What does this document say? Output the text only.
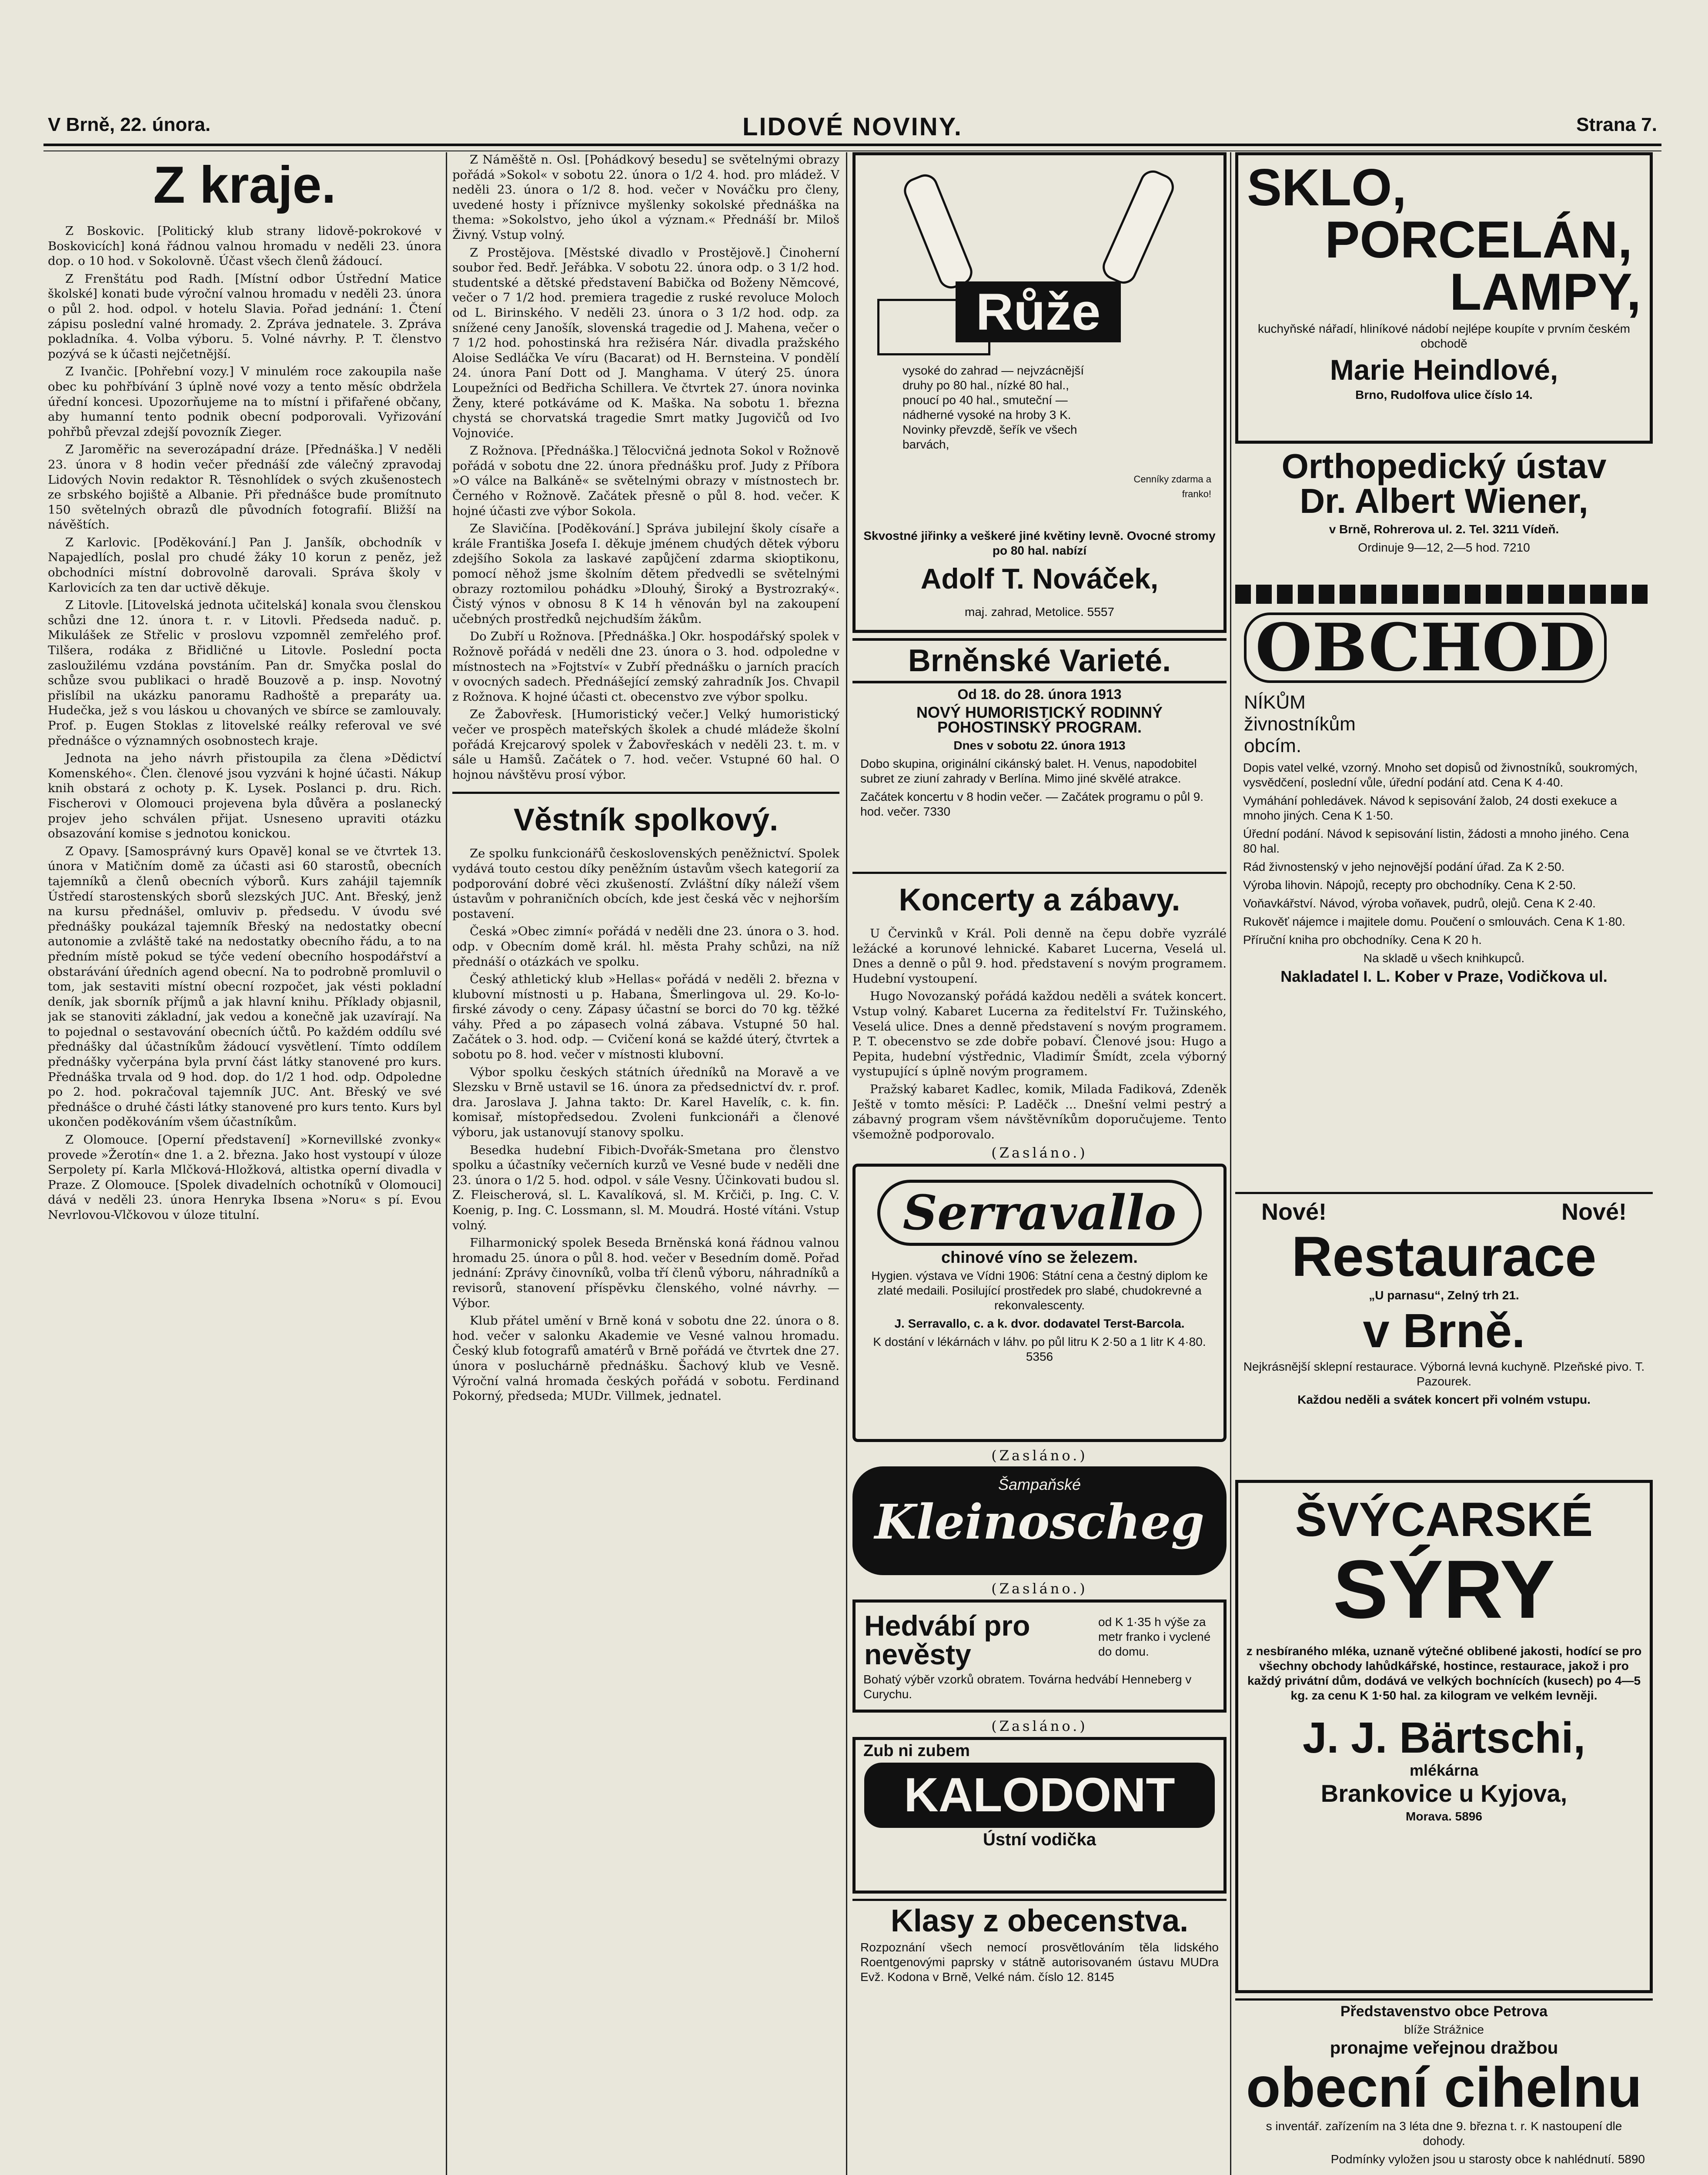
V Brně, 22. února.	LIDOVÉ NOVINY.	Strana 7.
Z kraje.

Z Boskovic. [Politický klub strany lidově-pokrokové v Boskovicích] koná řádnou valnou hromadu v neděli 23. února dop. o 10 hod. v Sokolovně. Účast všech členů žádoucí.

Z Frenštátu pod Radh. [Místní odbor Ústřední Matice školské] konati bude výroční valnou hromadu v neděli 23. února o půl 2. hod. odpol. v hotelu Slavia. Pořad jednání: 1. Čtení zápisu poslední valné hromady. 2. Zpráva jednatele. 3. Zpráva pokladníka. 4. Volba výboru. 5. Volné návrhy. P. T. členstvo pozývá se k účasti nejčetnější.

Z Ivančic. [Pohřební vozy.] V minulém roce zakoupila naše obec ku pohřbívání 3 úplně nové vozy a tento měsíc obdržela úřední koncesi. Upozorňujeme na to místní i přifařené občany, aby humanní tento podnik obecní podporovali. Vyřizování pohřbů převzal zdejší povozník Zieger.

Z Jaroměřic na severozápadní dráze. [Přednáška.] V neděli 23. února v 8 hodin večer přednáší zde válečný zpravodaj Lidových Novin redaktor R. Těsnohlídek o svých zkušenostech ze srbského bojiště a Albanie. Při přednášce bude promítnuto 150 světelných obrazů dle původních fotografií. Bližší na návěštích.

Z Karlovic. [Poděkování.] Pan J. Janšík, obchodník v Napajedlích, poslal pro chudé žáky 10 korun z peněz, jež obchodníci místní dobrovolně darovali. Správa školy v Karlovicích za ten dar uctivě děkuje.

Z Litovle. [Litovelská jednota učitelská] konala svou členskou schůzi dne 12. února t. r. v Litovli. Předseda naduč. p. Mikulášek ze Střelic v proslovu vzpomněl zemřelého prof. Tilšera, rodáka z Břidličné u Litovle. Poslední pocta zasloužilému vzdána povstáním. Pan dr. Smyčka poslal do schůze svou publikaci o hradě Bouzově a p. insp. Novotný přislíbil na ukázku panoramu Radhoště a preparáty ua. Hudečka, jež s vou láskou u chovaných ve sbírce se zamlouvaly. Prof. p. Eugen Stoklas z litovelské reálky referoval ve své přednášce o významných osobnostech kraje.

Jednota na jeho návrh přistoupila za člena »Dědictví Komenského«. Člen. členové jsou vyzváni k hojné účasti. Nákup knih obstará z ochoty p. K. Lysek. Poslanci p. dru. Rich. Fischerovi v Olomouci projevena byla důvěra a poslanecký projev jeho schválen přijat. Usneseno upraviti otázku obsazování komise s jednotou konickou.

Z Opavy. [Samosprávný kurs Opavě] konal se ve čtvrtek 13. února v Matičním domě za účasti asi 60 starostů, obecních tajemníků a členů obecních výborů. Kurs zahájil tajemník Ústředí starostenských sborů slezských JUC. Ant. Břeský, jenž na kursu přednášel, omluviv p. předsedu. V úvodu své přednášky poukázal tajemník Břeský na nedostatky obecní autonomie a zvláště také na nedostatky obecního řádu, a to na předním místě pokud se týče vedení obecního hospodářství a obstarávání úředních agend obecní. Na to podrobně promluvil o tom, jak sestaviti místní obecní rozpočet, jak vésti pokladní deník, jak sborník příjmů a jak hlavní knihu. Příklady objasnil, jak se stanoviti základní, jak vedou a konečně jak uzavírají. Na to pojednal o sestavování obecních účtů. Po každém oddílu své přednášky dal účastníkům žádoucí vysvětlení. Tímto oddílem přednášky vyčerpána byla první část látky stanovené pro kurs. Přednáška trvala od 9 hod. dop. do 1/2 1 hod. odp. Odpoledne po 2. hod. pokračoval tajemník JUC. Ant. Břeský ve své přednášce o druhé části látky stanovené pro kurs tento. Kurs byl ukončen poděkováním všem účastníkům.

Z Olomouce. [Operní představení] »Kornevillské zvonky« provede »Žerotín« dne 1. a 2. března. Jako host vystoupí v úloze Serpolety pí. Karla Mlčková-Hložková, altistka operní divadla v Praze. Z Olomouce. [Spolek divadelních ochotníků v Olomouci] dává v neděli 23. února Henryka Ibsena »Noru« s pí. Evou Nevrlovou-Vlčkovou v úloze titulní.

Z Náměště n. Osl. [Pohádkový besedu] se světelnými obrazy pořádá »Sokol« v sobotu 22. února o 1/2 4. hod. pro mládež. V neděli 23. února o 1/2 8. hod. večer v Nováčku pro členy, uvedené hosty i příznivce myšlenky sokolské přednáška na thema: »Sokolstvo, jeho úkol a význam.« Přednáší br. Miloš Živný. Vstup volný.

Z Prostějova. [Městské divadlo v Prostějově.] Činoherní soubor řed. Bedř. Jeřábka. V sobotu 22. února odp. o 3 1/2 hod. studentské a dětské představení Babička od Boženy Němcové, večer o 7 1/2 hod. premiera tragedie z ruské revoluce Moloch od L. Birinského. V neděli 23. února o 3 1/2 hod. odp. za snížené ceny Janošík, slovenská tragedie od J. Mahena, večer o 7 1/2 hod. pohostinská hra režiséra Nár. divadla pražského Aloise Sedláčka Ve víru (Bacarat) od H. Bernsteina. V pondělí 24. února Paní Dott od J. Manghama. V úterý 25. února Loupežníci od Bedřicha Schillera. Ve čtvrtek 27. února novinka Ženy, které potkáváme od K. Maška. Na sobotu 1. března chystá se chorvatská tragedie Smrt matky Jugovičů od Ivo Vojnoviće.

Z Rožnova. [Přednáška.] Tělocvičná jednota Sokol v Rožnově pořádá v sobotu dne 22. února přednášku prof. Judy z Příbora »O válce na Balkáně« se světelnými obrazy v místnostech br. Černého v Rožnově. Začátek přesně o půl 8. hod. večer. K hojné účasti zve výbor Sokola.

Ze Slavičína. [Poděkování.] Správa jubilejní školy císaře a krále Františka Josefa I. děkuje jménem chudých dětek výboru zdejšího Sokola za laskavé zapůjčení zdarma skioptikonu, pomocí něhož jsme školním dětem předvedli se světelnými obrazy roztomilou pohádku »Dlouhý, Široký a Bystrozraký«. Čistý výnos v obnosu 8 K 14 h věnován byl na zakoupení učebných prostředků nejchudším žákům.

Do Zubří u Rožnova. [Přednáška.] Okr. hospodářský spolek v Rožnově pořádá v neděli dne 23. února o 3. hod. odpoledne v místnostech na »Fojtství« v Zubří přednášku o jarních pracích v ovocných sadech. Přednášející zemský zahradník Jos. Chvapil z Rožnova. K hojné účasti ct. obecenstvo zve výbor spolku.

Ze Žabovřesk. [Humoristický večer.] Velký humoristický večer ve prospěch mateřských školek a chudé mládeže školní pořádá Krejcarový spolek v Žabovřeskách v neděli 23. t. m. v sále u Hamšů. Začátek o 7. hod. večer. Vstupné 60 hal. O hojnou návštěvu prosí výbor.

Věstník spolkový.

Ze spolku funkcionářů československých peněžnictví. Spolek vydává touto cestou díky peněžním ústavům všech kategorií za podporování dobré věci zkušeností. Zvláštní díky náleží všem ústavům v pohraničních obcích, kde jest česká věc v nejhorším postavení.

Česká »Obec zimní« pořádá v neděli dne 23. února o 3. hod. odp. v Obecním domě král. hl. města Prahy schůzi, na níž přednáší o otázkách ve spolku.

Český athletický klub »Hellas« pořádá v neděli 2. března v klubovní místnosti u p. Habana, Šmerlingova ul. 29. Ko-lo-firské závody o ceny. Zápasy účastní se borci do 70 kg. těžké váhy. Před a po zápasech volná zábava. Vstupné 50 hal. Začátek o 3. hod. odp. — Cvičení koná se každé úterý, čtvrtek a sobotu po 8. hod. večer v místnosti klubovní.

Výbor spolku českých státních úředníků na Moravě a ve Slezsku v Brně ustavil se 16. února za předsednictví dv. r. prof. dra. Jaroslava J. Jahna takto: Dr. Karel Havelík, c. k. fin. komisař, místopředsedou. Zvoleni funkcionáři a členové výboru, jak ustanovují stanovy spolku.

Besedka hudební Fibich-Dvořák-Smetana pro členstvo spolku a účastníky večerních kurzů ve Vesné bude v neděli dne 23. února o 1/2 5. hod. odpol. v sále Vesny. Účinkovati budou sl. Z. Fleischerová, sl. L. Kavalíková, sl. M. Krčiči, p. Ing. C. V. Koenig, p. Ing. C. Lossmann, sl. M. Moudrá. Hosté vítáni. Vstup volný.

Filharmonický spolek Beseda Brněnská koná řádnou valnou hromadu 25. února o půl 8. hod. večer v Besedním domě. Pořad jednání: Zprávy činovníků, volba tří členů výboru, náhradníků a revisorů, stanovení příspěvku členského, volné návrhy. — Výbor.

Klub přátel umění v Brně koná v sobotu dne 22. února o 8. hod. večer v salonku Akademie ve Vesné valnou hromadu. Český klub fotografů amatérů v Brně pořádá ve čtvrtek dne 27. února v posluchárně přednášku. Šachový klub ve Vesně. Výroční valná hromada českých pořádá v sobotu. Ferdinand Pokorný, předseda; MUDr. Villmek, jednatel.

Růže

vysoké do zahrad — nejvzácnější druhy po 80 hal., nízké 80 hal., pnoucí po 40 hal., smuteční — nádherné vysoké na hroby 3 K. Novinky převzdě, šeřík ve všech barvách,

Cenníky zdarma a franko!

Skvostné jiřinky a veškeré jiné květiny levně. Ovocné stromy po 80 hal. nabízí

Adolf T. Nováček,

maj. zahrad, Metolice. 5557

Brněnské Varieté.

Od 18. do 28. února 1913

NOVÝ HUMORISTICKÝ RODINNÝ POHOSTINSKÝ PROGRAM.

Dnes v sobotu 22. února 1913

Dobo skupina, originální cikánský balet. H. Venus, napodobitel subret ze ziuní zahrady v Berlína. Mimo jiné skvělé atrakce.

Začátek koncertu v 8 hodin večer. — Začátek programu o půl 9. hod. večer. 7330

Koncerty a zábavy.

U Červinků v Král. Poli denně na čepu dobře vyzrálé ležácké a korunové lehnické. Kabaret Lucerna, Veselá ul. Dnes a denně o půl 9. hod. představení s novým programem. Hudební vystoupení.

Hugo Novozanský pořádá každou neděli a svátek koncert. Vstup volný. Kabaret Lucerna za ředitelství Fr. Tužinského, Veselá ulice. Dnes a denně představení s novým programem. P. T. obecenstvo se zde dobře pobaví. Členové jsou: Hugo a Pepita, hudební výstřednic, Vladimír Šmídt, zcela výborný vystupující s úplně novým programem.

Pražský kabaret Kadlec, komik, Milada Fadiková, Zdeněk Ještě v tomto měsíci: P. Laděčk ... Dnešní velmi pestrý a zábavný program všem návštěvníkům doporučujeme. Tento všemožně podporovalo.

(Zasláno.)
Serravallo

chinové víno se železem.

Hygien. výstava ve Vídni 1906: Státní cena a čestný diplom ke zlaté medaili. Posilující prostředek pro slabé, chudokrevné a rekonvalescenty.

J. Serravallo, c. a k. dvor. dodavatel Terst-Barcola.

K dostání v lékárnách v láhv. po půl litru K 2·50 a 1 litr K 4·80. 5356

(Zasláno.)
Šampaňské
Kleinoscheg
(Zasláno.)
Hedvábí pro nevěsty

od K 1·35 h výše za metr franko i vyclené do domu.

Bohatý výběr vzorků obratem. Továrna hedvábí Henneberg v Curychu.

(Zasláno.)

Zub ni zubem

KALODONT

Ústní vodička

Klasy z obecenstva.

Rozpoznání všech nemocí prosvětlováním těla lidského Roentgenovými paprsky v státně autorisovaném ústavu MUDra Evž. Kodona v Brně, Velké nám. číslo 12. 8145

SKLO,
PORCELÁN,
LAMPY,

kuchyňské nářadí, hliníkové nádobí nejlépe koupíte v prvním českém obchodě

Marie Heindlové,

Brno, Rudolfova ulice číslo 14.

Orthopedický ústav
Dr. Albert Wiener,

v Brně, Rohrerova ul. 2. Tel. 3211 Vídeň.

Ordinuje 9—12, 2—5 hod. 7210

OBCHOD NÍKŮM živnostníkům obcím.

Dopis vatel velké, vzorný. Mnoho set dopisů od živnostníků, soukromých, vysvědčení, poslední vůle, úřední podání atd. Cena K 4·40.

Vymáhání pohledávek. Návod k sepisování žalob, 24 dosti exekuce a mnoho jiných. Cena K 1·50.

Úřední podání. Návod k sepisování listin, žádosti a mnoho jiného. Cena 80 hal.

Rád živnostenský v jeho nejnovější podání úřad. Za K 2·50.

Výroba lihovin. Nápojů, recepty pro obchodníky. Cena K 2·50.

Voňavkářství. Návod, výroba voňavek, pudrů, olejů. Cena K 2·40.

Rukověť nájemce i majitele domu. Poučení o smlouvách. Cena K 1·80.

Příruční kniha pro obchodníky. Cena K 20 h.

Na skladě u všech knihkupců.

Nakladatel I. L. Kober v Praze, Vodičkova ul.

Nové!	Nové!
Restaurace

„U parnasu“, Zelný trh 21.

v Brně.

Nejkrásnější sklepní restaurace. Výborná levná kuchyně. Plzeňské pivo. T. Pazourek.

Každou neděli a svátek koncert při volném vstupu.

ŠVÝCARSKÉ
SÝRY

z nesbíraného mléka, uznaně výtečné oblibené jakosti, hodící se pro všechny obchody lahůdkářské, hostince, restaurace, jakož i pro každý privátní dům, dodává ve velkých bochnících (kusech) po 4—5 kg. za cenu K 1·50 hal. za kilogram ve velkém levněji.

J. J. Bärtschi,

mlékárna

Brankovice u Kyjova,

Morava. 5896

Představenstvo obce Petrova

blíže Strážnice

pronajme veřejnou dražbou

obecní cihelnu

s inventář. zařízením na 3 léta dne 9. března t. r. K nastoupení dle dohody.

Podmínky vyložen jsou u starosty obce k nahlédnutí. 5890
